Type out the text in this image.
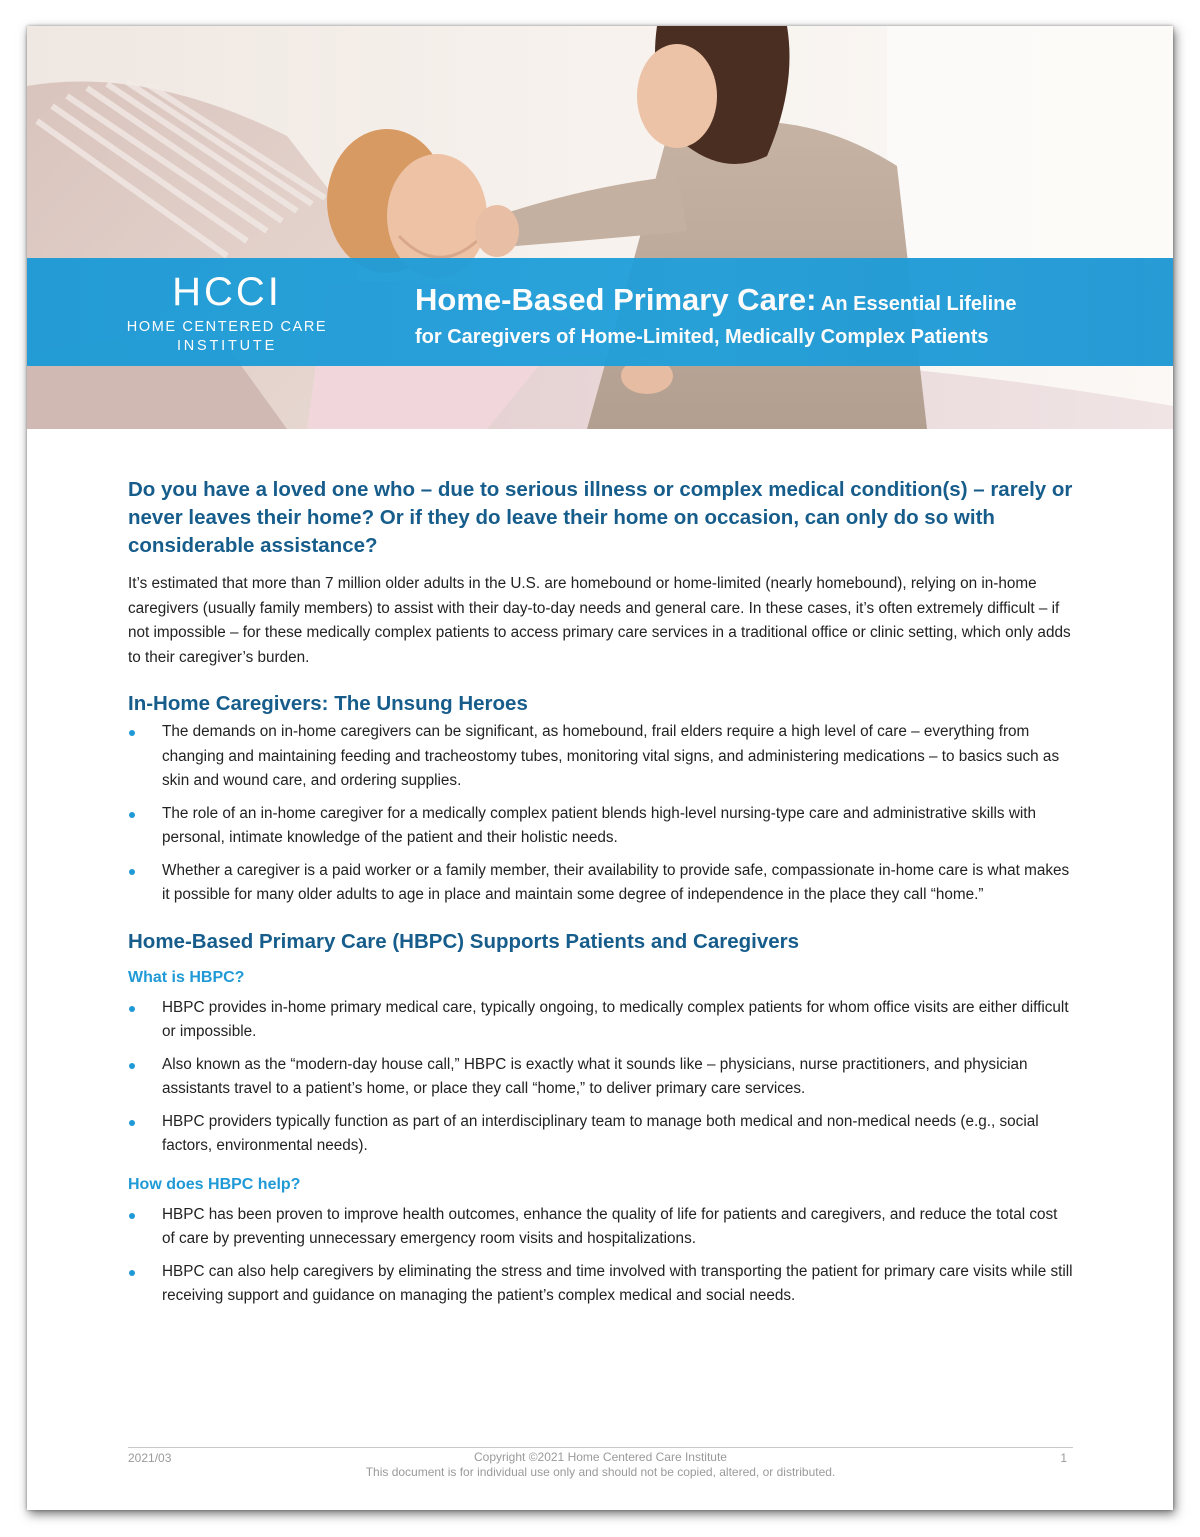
HCCI
HOME CENTERED CARE
INSTITUTE
Home-Based Primary Care: An Essential Lifeline
for Caregivers of Home-Limited, Medically Complex Patients

Do you have a loved one who – due to serious illness or complex medical condition(s) – rarely or never leaves their home? Or if they do leave their home on occasion, can only do so with considerable assistance?

It’s estimated that more than 7 million older adults in the U.S. are homebound or home-limited (nearly homebound), relying on in-home caregivers (usually family members) to assist with their day-to-day needs and general care. In these cases, it’s often extremely difficult – if not impossible – for these medically complex patients to access primary care services in a traditional office or clinic setting, which only adds to their caregiver’s burden.

In-Home Caregivers: The Unsung Heroes
The demands on in-home caregivers can be significant, as homebound, frail elders require a high level of care – everything from changing and maintaining feeding and tracheostomy tubes, monitoring vital signs, and administering medications – to basics such as skin and wound care, and ordering supplies.
The role of an in-home caregiver for a medically complex patient blends high-level nursing-type care and administrative skills with personal, intimate knowledge of the patient and their holistic needs.
Whether a caregiver is a paid worker or a family member, their availability to provide safe, compassionate in-home care is what makes it possible for many older adults to age in place and maintain some degree of independence in the place they call “home.”
Home-Based Primary Care (HBPC) Supports Patients and Caregivers
What is HBPC?
HBPC provides in-home primary medical care, typically ongoing, to medically complex patients for whom office visits are either difficult or impossible.
Also known as the “modern-day house call,” HBPC is exactly what it sounds like – physicians, nurse practitioners, and physician assistants travel to a patient’s home, or place they call “home,” to deliver primary care services.
HBPC providers typically function as part of an interdisciplinary team to manage both medical and non-medical needs (e.g., social factors, environmental needs).
How does HBPC help?
HBPC has been proven to improve health outcomes, enhance the quality of life for patients and caregivers, and reduce the total cost of care by preventing unnecessary emergency room visits and hospitalizations.
HBPC can also help caregivers by eliminating the stress and time involved with transporting the patient for primary care visits while still receiving support and guidance on managing the patient’s complex medical and social needs.
2021/03	Copyright ©2021 Home Centered Care Institute
This document is for individual use only and should not be copied, altered, or distributed.
1
